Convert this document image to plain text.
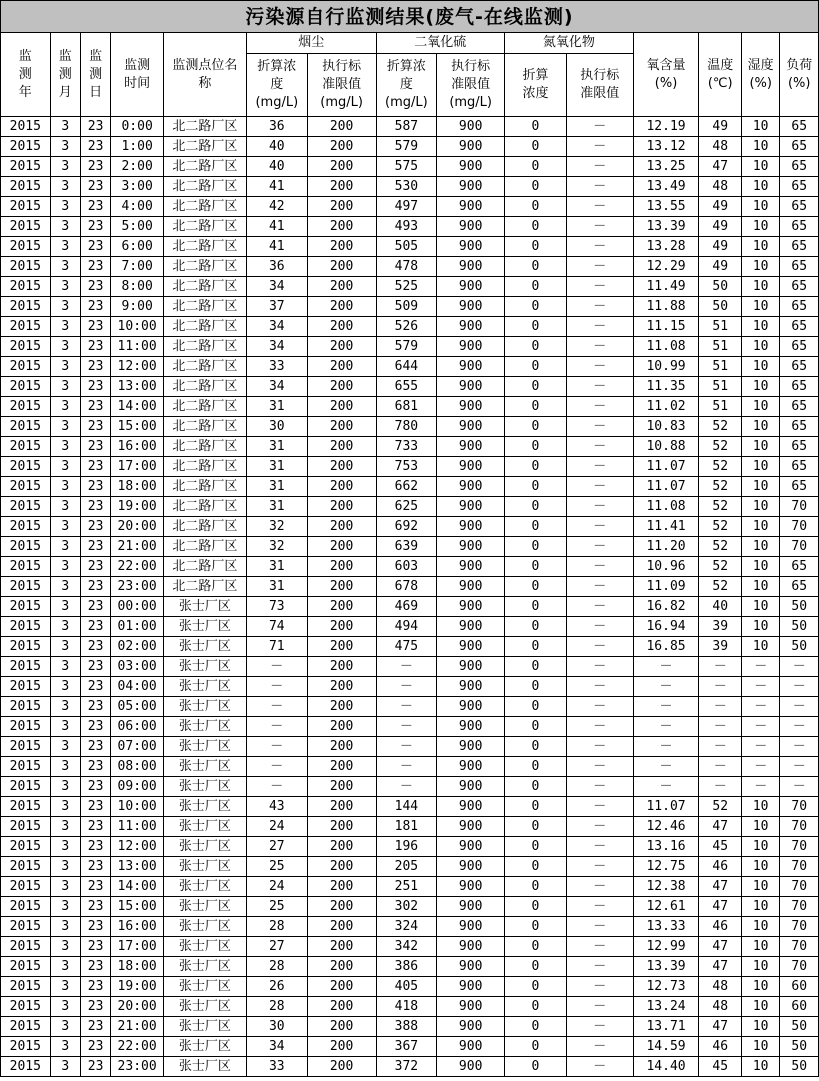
污染源自行监测结果(废气-在线监测)
监测年	监测月	监测日	监测时间	监测点位名称	烟尘		二氧化硫		氮氧化物		氧含量(%)	温度(℃)	湿度(%)	负荷(%)

					折算浓度(mg/L)	执行标准限值(mg/L)	折算浓度(mg/L)	执行标准限值(mg/L)	折算浓度	执行标准限值				

2015	3	23	0:00	北二路厂区	36	200	587	900	0	－	12.19	49	10	65
2015	3	23	1:00	北二路厂区	40	200	579	900	0	－	13.12	48	10	65
2015	3	23	2:00	北二路厂区	40	200	575	900	0	－	13.25	47	10	65
2015	3	23	3:00	北二路厂区	41	200	530	900	0	－	13.49	48	10	65
2015	3	23	4:00	北二路厂区	42	200	497	900	0	－	13.55	49	10	65
2015	3	23	5:00	北二路厂区	41	200	493	900	0	－	13.39	49	10	65
2015	3	23	6:00	北二路厂区	41	200	505	900	0	－	13.28	49	10	65
2015	3	23	7:00	北二路厂区	36	200	478	900	0	－	12.29	49	10	65
2015	3	23	8:00	北二路厂区	34	200	525	900	0	－	11.49	50	10	65
2015	3	23	9:00	北二路厂区	37	200	509	900	0	－	11.88	50	10	65
2015	3	23	10:00	北二路厂区	34	200	526	900	0	－	11.15	51	10	65
2015	3	23	11:00	北二路厂区	34	200	579	900	0	－	11.08	51	10	65
2015	3	23	12:00	北二路厂区	33	200	644	900	0	－	10.99	51	10	65
2015	3	23	13:00	北二路厂区	34	200	655	900	0	－	11.35	51	10	65
2015	3	23	14:00	北二路厂区	31	200	681	900	0	－	11.02	51	10	65
2015	3	23	15:00	北二路厂区	30	200	780	900	0	－	10.83	52	10	65
2015	3	23	16:00	北二路厂区	31	200	733	900	0	－	10.88	52	10	65
2015	3	23	17:00	北二路厂区	31	200	753	900	0	－	11.07	52	10	65
2015	3	23	18:00	北二路厂区	31	200	662	900	0	－	11.07	52	10	65
2015	3	23	19:00	北二路厂区	31	200	625	900	0	－	11.08	52	10	70
2015	3	23	20:00	北二路厂区	32	200	692	900	0	－	11.41	52	10	70
2015	3	23	21:00	北二路厂区	32	200	639	900	0	－	11.20	52	10	70
2015	3	23	22:00	北二路厂区	31	200	603	900	0	－	10.96	52	10	65
2015	3	23	23:00	北二路厂区	31	200	678	900	0	－	11.09	52	10	65
2015	3	23	00:00	张士厂区	73	200	469	900	0	－	16.82	40	10	50
2015	3	23	01:00	张士厂区	74	200	494	900	0	－	16.94	39	10	50
2015	3	23	02:00	张士厂区	71	200	475	900	0	－	16.85	39	10	50
2015	3	23	03:00	张士厂区	－	200	－	900	0	－	－	－	－	－
2015	3	23	04:00	张士厂区	－	200	－	900	0	－	－	－	－	－
2015	3	23	05:00	张士厂区	－	200	－	900	0	－	－	－	－	－
2015	3	23	06:00	张士厂区	－	200	－	900	0	－	－	－	－	－
2015	3	23	07:00	张士厂区	－	200	－	900	0	－	－	－	－	－
2015	3	23	08:00	张士厂区	－	200	－	900	0	－	－	－	－	－
2015	3	23	09:00	张士厂区	－	200	－	900	0	－	－	－	－	－
2015	3	23	10:00	张士厂区	43	200	144	900	0	－	11.07	52	10	70
2015	3	23	11:00	张士厂区	24	200	181	900	0	－	12.46	47	10	70
2015	3	23	12:00	张士厂区	27	200	196	900	0	－	13.16	45	10	70
2015	3	23	13:00	张士厂区	25	200	205	900	0	－	12.75	46	10	70
2015	3	23	14:00	张士厂区	24	200	251	900	0	－	12.38	47	10	70
2015	3	23	15:00	张士厂区	25	200	302	900	0	－	12.61	47	10	70
2015	3	23	16:00	张士厂区	28	200	324	900	0	－	13.33	46	10	70
2015	3	23	17:00	张士厂区	27	200	342	900	0	－	12.99	47	10	70
2015	3	23	18:00	张士厂区	28	200	386	900	0	－	13.39	47	10	70
2015	3	23	19:00	张士厂区	26	200	405	900	0	－	12.73	48	10	60
2015	3	23	20:00	张士厂区	28	200	418	900	0	－	13.24	48	10	60
2015	3	23	21:00	张士厂区	30	200	388	900	0	－	13.71	47	10	50
2015	3	23	22:00	张士厂区	34	200	367	900	0	－	14.59	46	10	50
2015	3	23	23:00	张士厂区	33	200	372	900	0	－	14.40	45	10	50
